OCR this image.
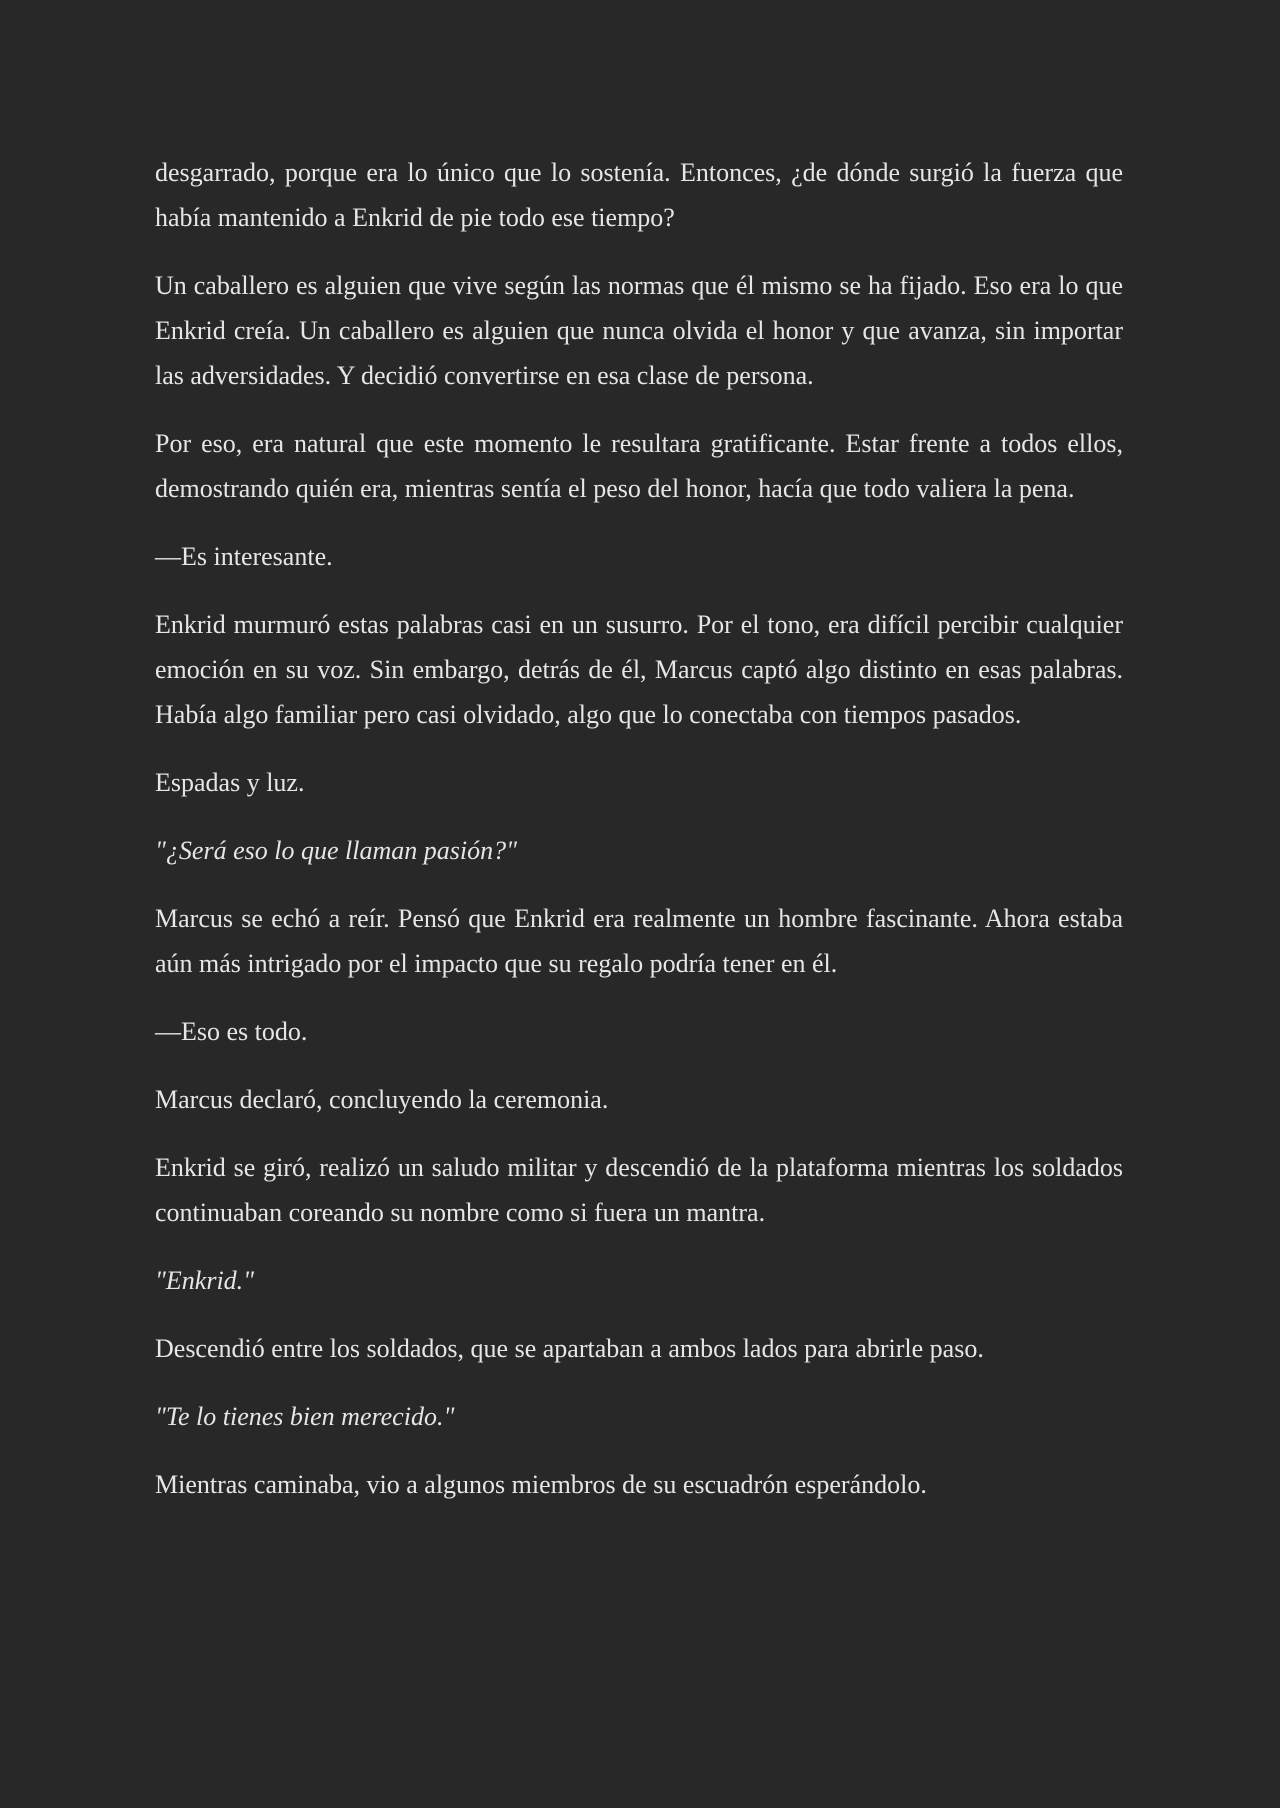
desgarrado, porque era lo único que lo sostenía. Entonces, ¿de dónde surgió la fuerza que había mantenido a Enkrid de pie todo ese tiempo?

Un caballero es alguien que vive según las normas que él mismo se ha fijado. Eso era lo que Enkrid creía. Un caballero es alguien que nunca olvida el honor y que avanza, sin importar las adversidades. Y decidió convertirse en esa clase de persona.

Por eso, era natural que este momento le resultara gratificante. Estar frente a todos ellos, demostrando quién era, mientras sentía el peso del honor, hacía que todo valiera la pena.

—Es interesante.

Enkrid murmuró estas palabras casi en un susurro. Por el tono, era difícil percibir cualquier emoción en su voz. Sin embargo, detrás de él, Marcus captó algo distinto en esas palabras. Había algo familiar pero casi olvidado, algo que lo conectaba con tiempos pasados.

Espadas y luz.

"¿Será eso lo que llaman pasión?"

Marcus se echó a reír. Pensó que Enkrid era realmente un hombre fascinante. Ahora estaba aún más intrigado por el impacto que su regalo podría tener en él.

—Eso es todo.

Marcus declaró, concluyendo la ceremonia.

Enkrid se giró, realizó un saludo militar y descendió de la plataforma mientras los soldados continuaban coreando su nombre como si fuera un mantra.

"Enkrid."

Descendió entre los soldados, que se apartaban a ambos lados para abrirle paso.

"Te lo tienes bien merecido."

Mientras caminaba, vio a algunos miembros de su escuadrón esperándolo.
